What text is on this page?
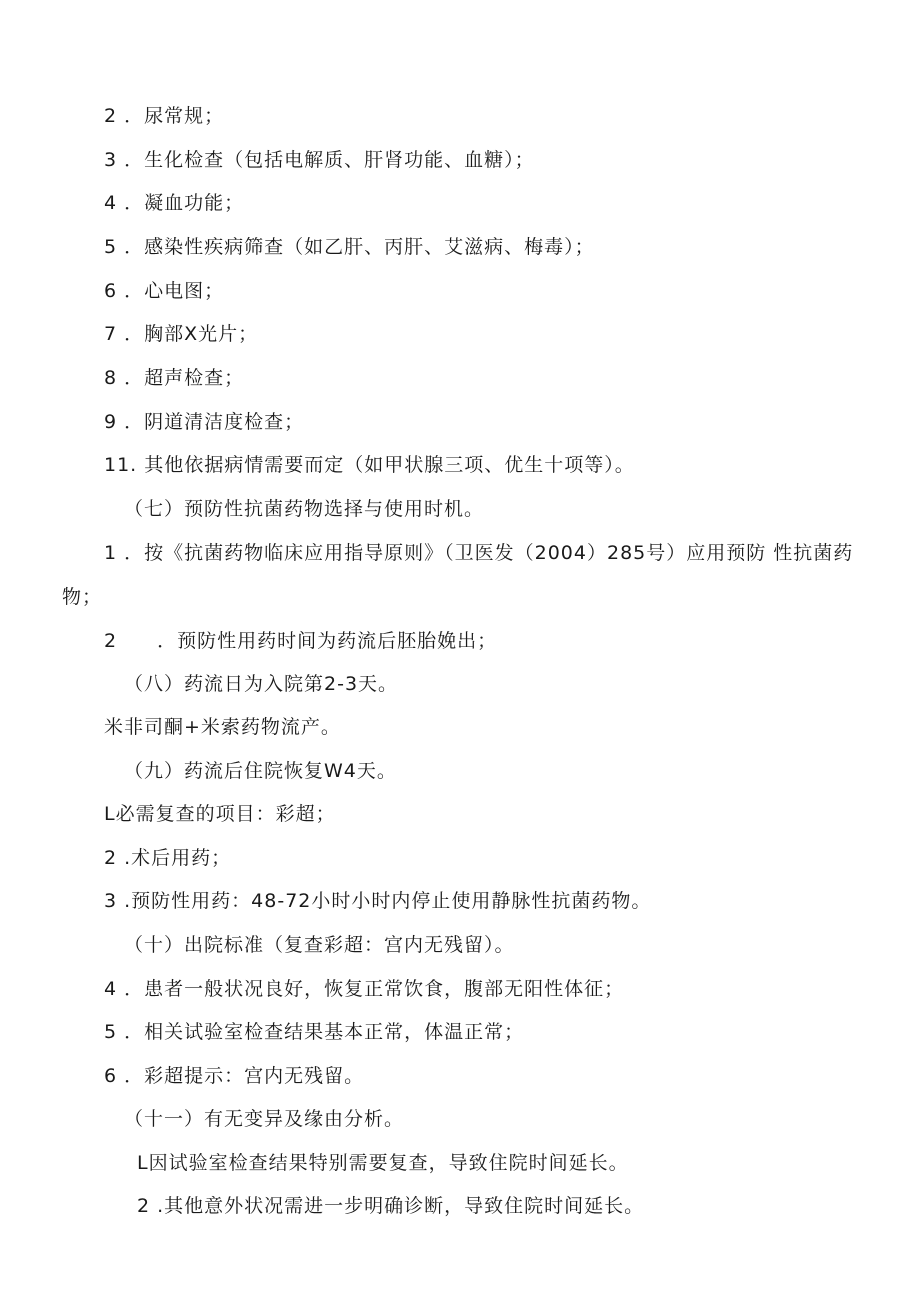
2 ．尿常规；
3 ．生化检查（包括电解质、肝肾功能、血糖）；
4 ．凝血功能；
5 ．感染性疾病筛查（如乙肝、丙肝、艾滋病、梅毒）；
6 ．心电图；
7 ．胸部X光片；
8 ．超声检查；
9 ．阴道清洁度检查；
11. 其他依据病情需要而定（如甲状腺三项、优生十项等）。
（七）预防性抗菌药物选择与使用时机。
1 ．按《抗菌药物临床应用指导原则》（卫医发（2004）285号）应用预防 性抗菌药
物；
2　　．预防性用药时间为药流后胚胎娩出；
（八）药流日为入院第2-3天。
米非司酮+米索药物流产。
（九）药流后住院恢复W4天。
L必需复查的项目：彩超；
2 .术后用药；
3 .预防性用药：48-72小时小时内停止使用静脉性抗菌药物。
（十）出院标准（复查彩超：宫内无残留）。
4 ．患者一般状况良好，恢复正常饮食，腹部无阳性体征；
5 ．相关试验室检查结果基本正常，体温正常；
6 ．彩超提示：宫内无残留。
（十一）有无变异及缘由分析。
L因试验室检查结果特别需要复查，导致住院时间延长。
2 .其他意外状况需进一步明确诊断，导致住院时间延长。
